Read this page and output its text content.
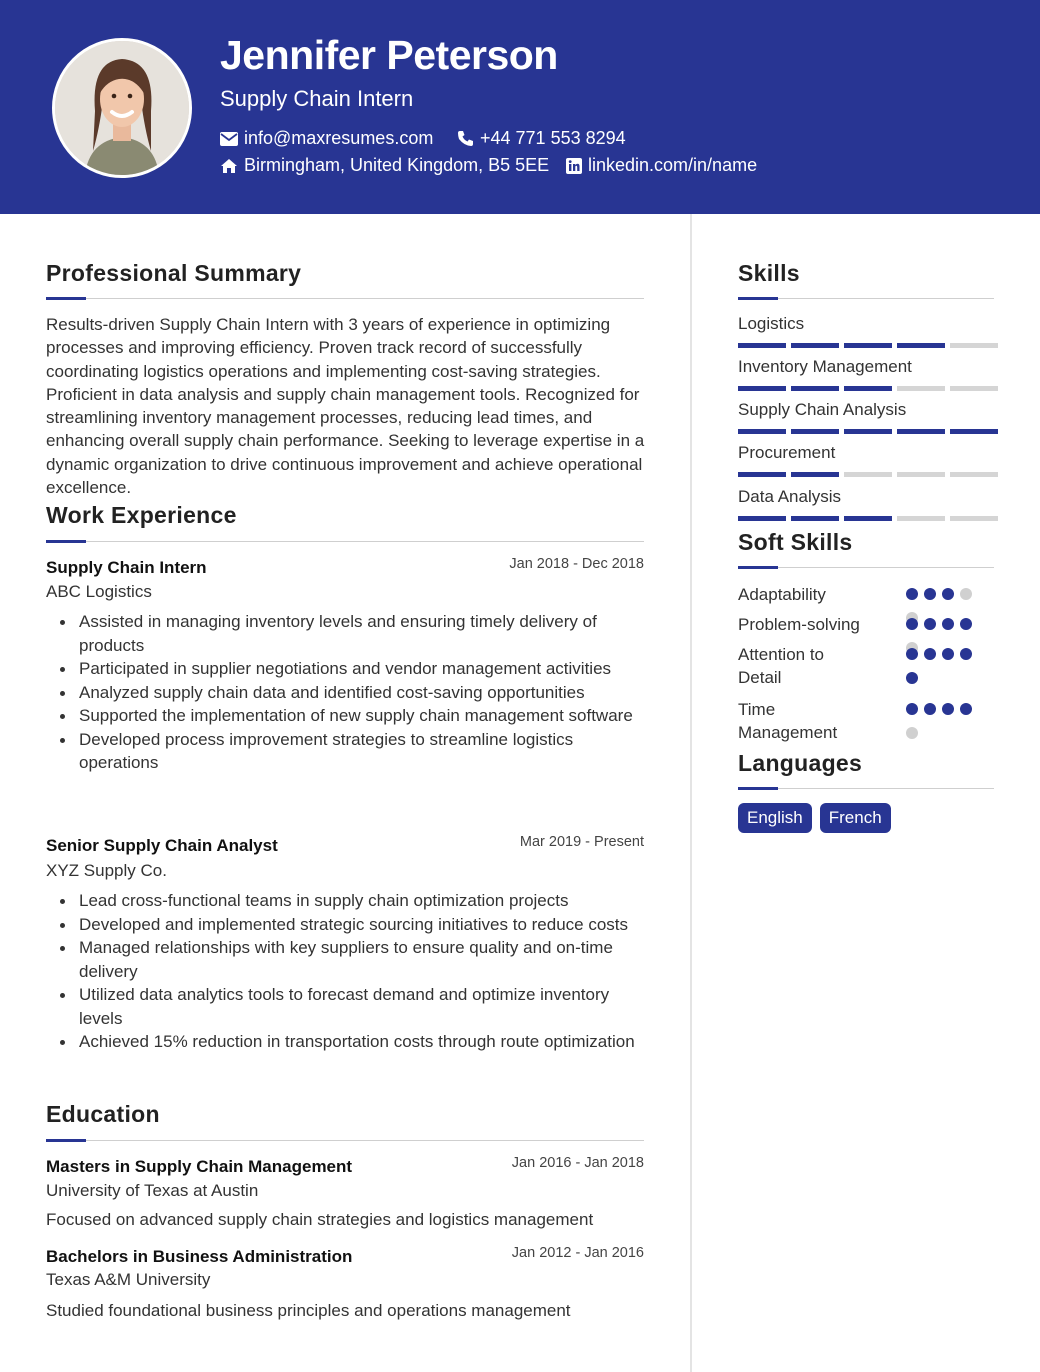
Jennifer Peterson
Supply Chain Intern
info@maxresumes.com	+44 771 553 8294
Birmingham, United Kingdom, B5 5EE linkedin.com/in/name
Professional Summary
Results-driven Supply Chain Intern with 3 years of experience in optimizing processes and improving efficiency. Proven track record of successfully coordinating logistics operations and implementing cost-saving strategies. Proficient in data analysis and supply chain management tools. Recognized for streamlining inventory management processes, reducing lead times, and enhancing overall supply chain performance. Seeking to leverage expertise in a dynamic organization to drive continuous improvement and achieve operational excellence.
Work Experience
Supply Chain Intern	Jan 2018 - Dec 2018
ABC Logistics
Assisted in managing inventory levels and ensuring timely delivery of products
Participated in supplier negotiations and vendor management activities
Analyzed supply chain data and identified cost-saving opportunities
Supported the implementation of new supply chain management software
Developed process improvement strategies to streamline logistics operations
Senior Supply Chain Analyst	Mar 2019 - Present
XYZ Supply Co.
Lead cross-functional teams in supply chain optimization projects
Developed and implemented strategic sourcing initiatives to reduce costs
Managed relationships with key suppliers to ensure quality and on-time delivery
Utilized data analytics tools to forecast demand and optimize inventory levels
Achieved 15% reduction in transportation costs through route optimization
Education
Masters in Supply Chain Management	Jan 2016 - Jan 2018
University of Texas at Austin
Focused on advanced supply chain strategies and logistics management
Bachelors in Business Administration	Jan 2012 - Jan 2016
Texas A&M University
Studied foundational business principles and operations management
Skills
Logistics
Inventory Management
Supply Chain Analysis
Procurement
Data Analysis
Soft Skills
Adaptability
Problem-solving
Attention to Detail
Time Management
Languages
English	French
